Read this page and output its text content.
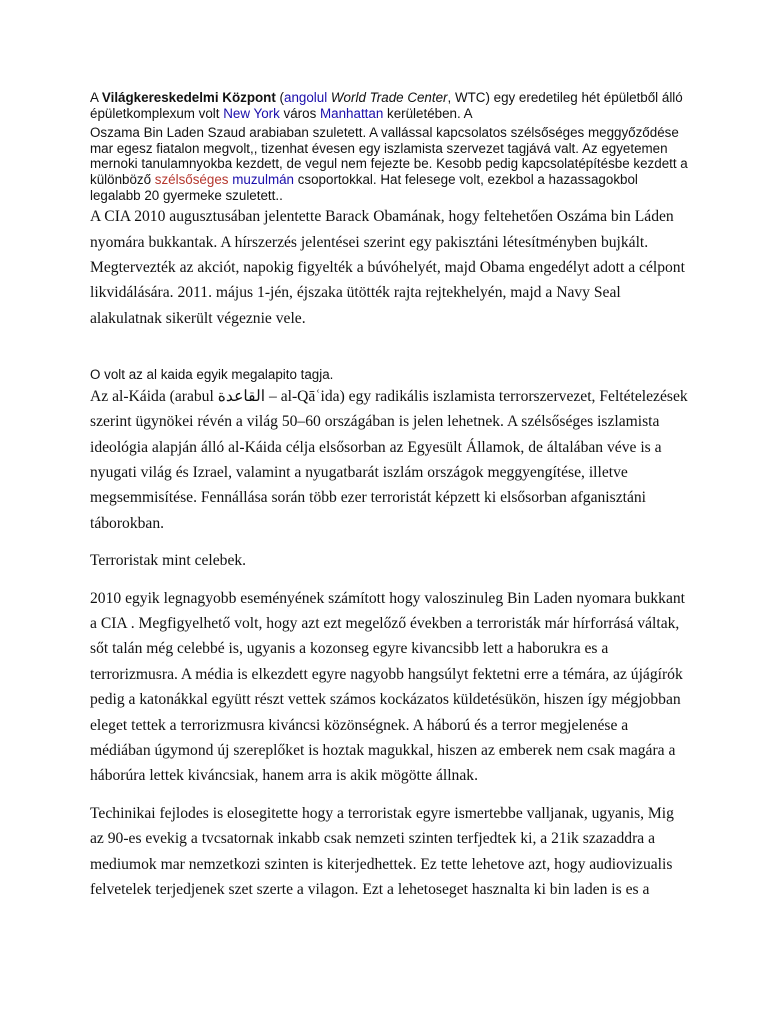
A Világkereskedelmi Központ (angolul World Trade Center, WTC) egy eredetileg hét épületből álló épületkomplexum volt New York város Manhattan kerületében. A

Oszama Bin Laden Szaud arabiaban szuletett. A vallással kapcsolatos szélsőséges meggyőződése mar egesz fiatalon megvolt,, tizenhat évesen egy iszlamista szervezet tagjává valt. Az egyetemen mernoki tanulamnyokba kezdett, de vegul nem fejezte be. Kesobb pedig kapcsolatépítésbe kezdett a különböző szélsőséges muzulmán csoportokkal. Hat felesege volt, ezekbol a hazassagokbol legalabb 20 gyermeke szuletett..

A CIA 2010 augusztusában jelentette Barack Obamának, hogy feltehetően Oszáma bin Láden nyomára bukkantak. A hírszerzés jelentései szerint egy pakisztáni létesítményben bujkált. Megtervezték az akciót, napokig figyelték a búvóhelyét, majd Obama engedélyt adott a célpont likvidálására. 2011. május 1-jén, éjszaka ütötték rajta rejtekhelyén, majd a Navy Seal alakulatnak sikerült végeznie vele.

O volt az al kaida egyik megalapito tagja.

Az al-Káida (arabul القاعدة – al-Qāʿida) egy radikális iszlamista terrorszervezet, Feltételezések szerint ügynökei révén a világ 50–60 országában is jelen lehetnek. A szélsőséges iszlamista ideológia alapján álló al-Káida célja elsősorban az Egyesült Államok, de általában véve is a nyugati világ és Izrael, valamint a nyugatbarát iszlám országok meggyengítése, illetve megsemmisítése. Fennállása során több ezer terroristát képzett ki elsősorban afganisztáni táborokban.

Terroristak mint celebek.

2010 egyik legnagyobb eseményének számított hogy valoszinuleg Bin Laden nyomara bukkant a CIA . Megfigyelhető volt, hogy azt ezt megelőző években a terroristák már hírforrásá váltak, sőt talán még celebbé is, ugyanis a kozonseg egyre kivancsibb lett a haborukra es a terrorizmusra. A média is elkezdett egyre nagyobb hangsúlyt fektetni erre a témára, az újágírók pedig a katonákkal együtt részt vettek számos kockázatos küldetésükön, hiszen így mégjobban eleget tettek a terrorizmusra kiváncsi közönségnek. A háború és a terror megjelenése a médiában úgymond új szereplőket is hoztak magukkal, hiszen az emberek nem csak magára a háborúra lettek kiváncsiak, hanem arra is akik mögötte állnak.

Techinikai fejlodes is elosegitette hogy a terroristak egyre ismertebbe valljanak, ugyanis, Mig az 90-es evekig a tvcsatornak inkabb csak nemzeti szinten terfjedtek ki, a 21ik szazaddra a mediumok mar nemzetkozi szinten is kiterjedhettek. Ez tette lehetove azt, hogy audiovizualis felvetelek terjedjenek szet szerte a vilagon. Ezt a lehetoseget hasznalta ki bin laden is es a
